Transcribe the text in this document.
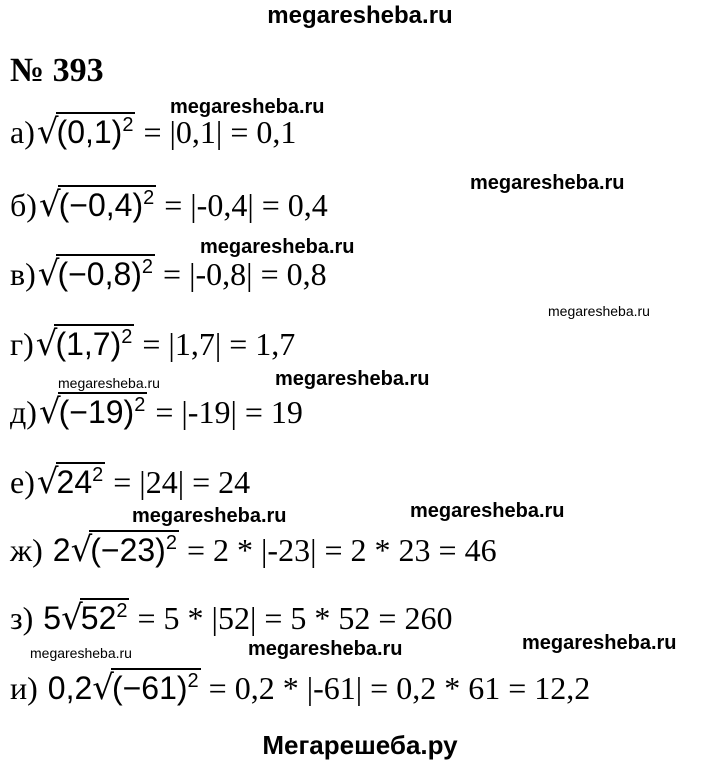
megaresheba.ru
№ 393
$а)√(0,1)^2 = |0,1| = 0,1$
$б)√(-0,4)^2 = |-0,4| = 0,4$
$в)√(-0,8)^2 = |-0,8| = 0,8$
$г)√(1,7)^2 = |1,7| = 1,7$
$д)√(-19)^2 = |-19| = 19$
$е)√24^2 = |24| = 24$
ж) $2√(-23)^2 = 2 * |-23| = 2 * 23 = 46$
з) $5√52^2 = 5 * |52| = 5 * 52 = 260$
и) $0,2√(-61)^2 = 0,2 * |-61| = 0,2 * 61 = 12,2$
megaresheba.ru
megaresheba.ru
megaresheba.ru
megaresheba.ru
megaresheba.ru	megaresheba.ru
megaresheba.ru
megaresheba.ru
megaresheba.ru
megaresheba.ru
megaresheba.ru
Мегарешеба.ру
